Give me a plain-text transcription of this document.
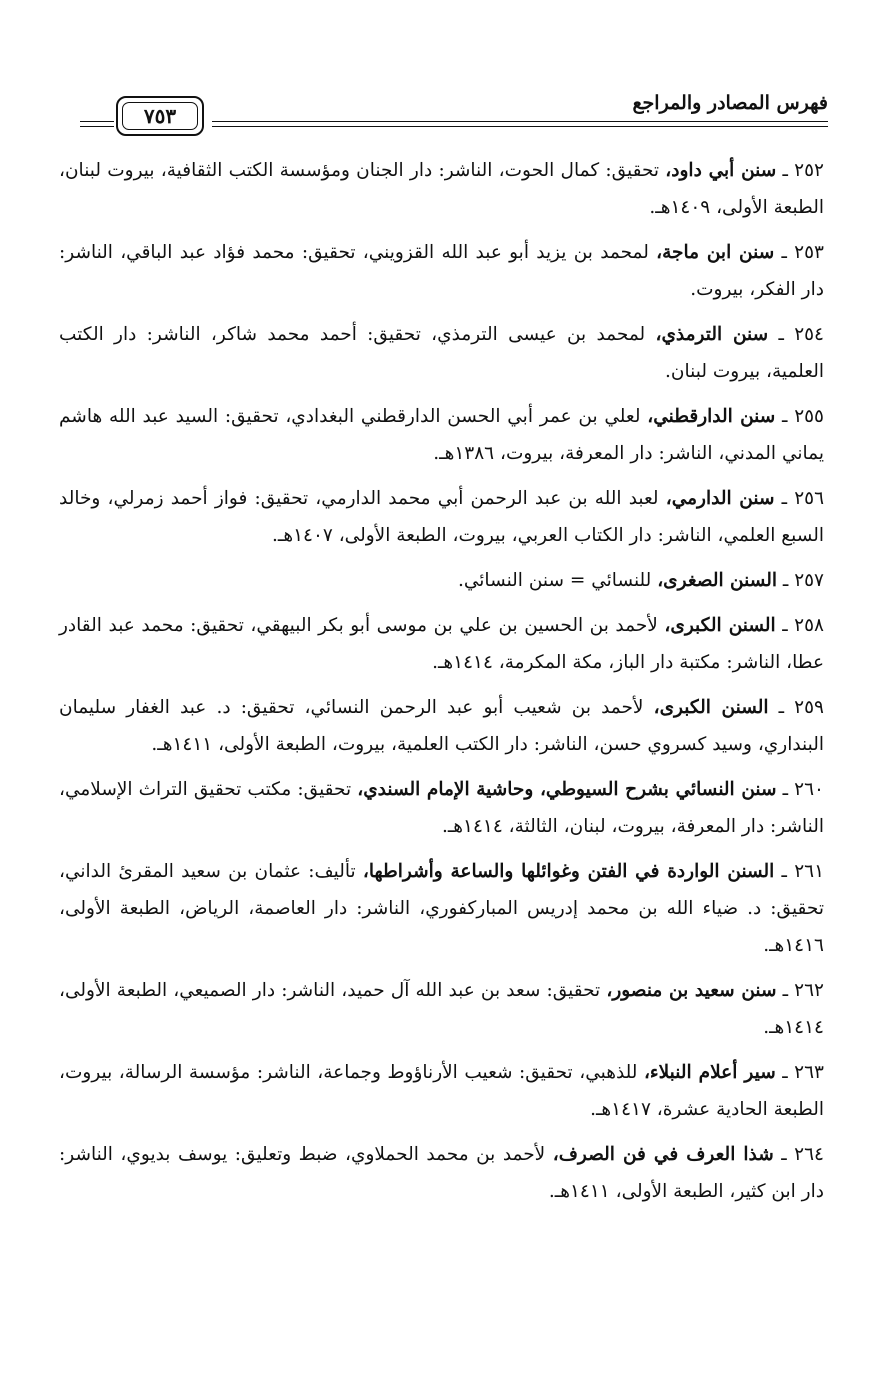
فهرس المصادر والمراجع
٧٥٣

٢٥٢ ـ سنن أبي داود، تحقيق: كمال الحوت، الناشر: دار الجنان ومؤسسة الكتب الثقافية، بيروت لبنان، الطبعة الأولى، ١٤٠٩هـ.

٢٥٣ ـ سنن ابن ماجة، لمحمد بن يزيد أبو عبد الله القزويني، تحقيق: محمد فؤاد عبد الباقي، الناشر: دار الفكر، بيروت.

٢٥٤ ـ سنن الترمذي، لمحمد بن عيسى الترمذي، تحقيق: أحمد محمد شاكر، الناشر: دار الكتب العلمية، بيروت لبنان.

٢٥٥ ـ سنن الدارقطني، لعلي بن عمر أبي الحسن الدارقطني البغدادي، تحقيق: السيد عبد الله هاشم يماني المدني، الناشر: دار المعرفة، بيروت، ١٣٨٦هـ.

٢٥٦ ـ سنن الدارمي، لعبد الله بن عبد الرحمن أبي محمد الدارمي، تحقيق: فواز أحمد زمرلي، وخالد السبع العلمي، الناشر: دار الكتاب العربي، بيروت، الطبعة الأولى، ١٤٠٧هـ.

٢٥٧ ـ السنن الصغرى، للنسائي = سنن النسائي.

٢٥٨ ـ السنن الكبرى، لأحمد بن الحسين بن علي بن موسى أبو بكر البيهقي، تحقيق: محمد عبد القادر عطا، الناشر: مكتبة دار الباز، مكة المكرمة، ١٤١٤هـ.

٢٥٩ ـ السنن الكبرى، لأحمد بن شعيب أبو عبد الرحمن النسائي، تحقيق: د. عبد الغفار سليمان البنداري، وسيد كسروي حسن، الناشر: دار الكتب العلمية، بيروت، الطبعة الأولى، ١٤١١هـ.

٢٦٠ ـ سنن النسائي بشرح السيوطي، وحاشية الإمام السندي، تحقيق: مكتب تحقيق التراث الإسلامي، الناشر: دار المعرفة، بيروت، لبنان، الثالثة، ١٤١٤هـ.

٢٦١ ـ السنن الواردة في الفتن وغوائلها والساعة وأشراطها، تأليف: عثمان بن سعيد المقرئ الداني، تحقيق: د. ضياء الله بن محمد إدريس المباركفوري، الناشر: دار العاصمة، الرياض، الطبعة الأولى، ١٤١٦هـ.

٢٦٢ ـ سنن سعيد بن منصور، تحقيق: سعد بن عبد الله آل حميد، الناشر: دار الصميعي، الطبعة الأولى، ١٤١٤هـ.

٢٦٣ ـ سير أعلام النبلاء، للذهبي، تحقيق: شعيب الأرناؤوط وجماعة، الناشر: مؤسسة الرسالة، بيروت، الطبعة الحادية عشرة، ١٤١٧هـ.

٢٦٤ ـ شذا العرف في فن الصرف، لأحمد بن محمد الحملاوي، ضبط وتعليق: يوسف بديوي، الناشر: دار ابن كثير، الطبعة الأولى، ١٤١١هـ.
